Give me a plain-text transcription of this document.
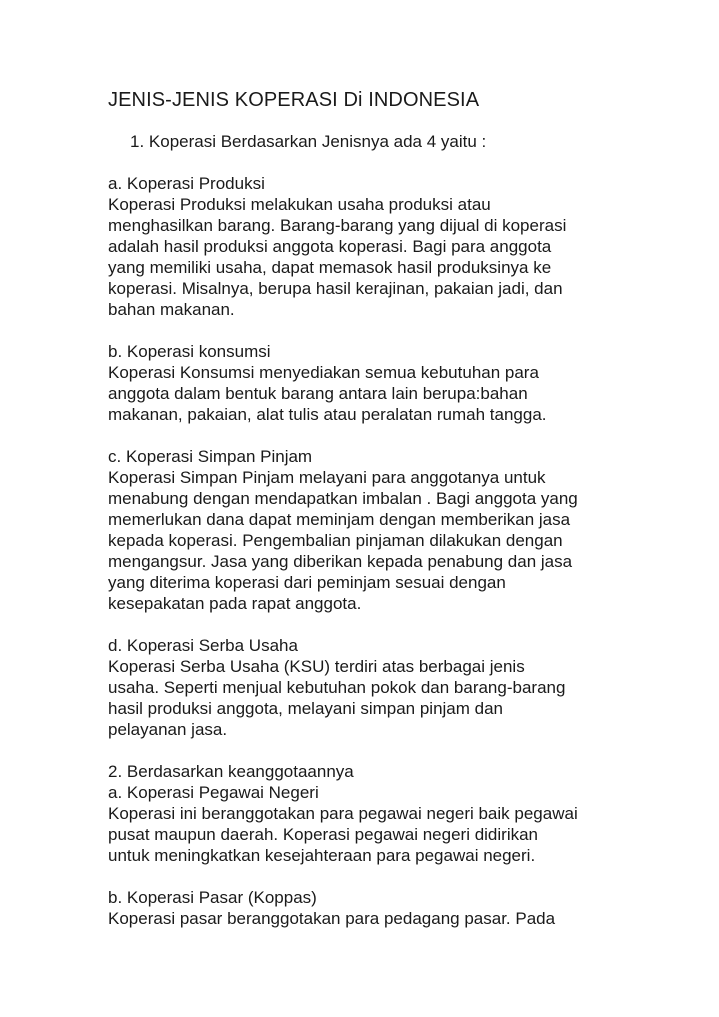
JENIS-JENIS KOPERASI Di INDONESIA
1. Koperasi Berdasarkan Jenisnya ada 4 yaitu :
a. Koperasi Produksi
Koperasi Produksi melakukan usaha produksi atau
menghasilkan barang. Barang-barang yang dijual di koperasi
adalah hasil produksi anggota koperasi. Bagi para anggota
yang memiliki usaha, dapat memasok hasil produksinya ke
koperasi. Misalnya, berupa hasil kerajinan, pakaian jadi, dan
bahan makanan.
b. Koperasi konsumsi
Koperasi Konsumsi menyediakan semua kebutuhan para
anggota dalam bentuk barang antara lain berupa:bahan
makanan, pakaian, alat tulis atau peralatan rumah tangga.
c. Koperasi Simpan Pinjam
Koperasi Simpan Pinjam melayani para anggotanya untuk
menabung dengan mendapatkan imbalan . Bagi anggota yang
memerlukan dana dapat meminjam dengan memberikan jasa
kepada koperasi. Pengembalian pinjaman dilakukan dengan
mengangsur. Jasa yang diberikan kepada penabung dan jasa
yang diterima koperasi dari peminjam sesuai dengan
kesepakatan pada rapat anggota.
d. Koperasi Serba Usaha
Koperasi Serba Usaha (KSU) terdiri atas berbagai jenis
usaha. Seperti menjual kebutuhan pokok dan barang-barang
hasil produksi anggota, melayani simpan pinjam dan
pelayanan jasa.
2. Berdasarkan keanggotaannya
a. Koperasi Pegawai Negeri
Koperasi ini beranggotakan para pegawai negeri baik pegawai
pusat maupun daerah. Koperasi pegawai negeri didirikan
untuk meningkatkan kesejahteraan para pegawai negeri.
b. Koperasi Pasar (Koppas)
Koperasi pasar beranggotakan para pedagang pasar. Pada
